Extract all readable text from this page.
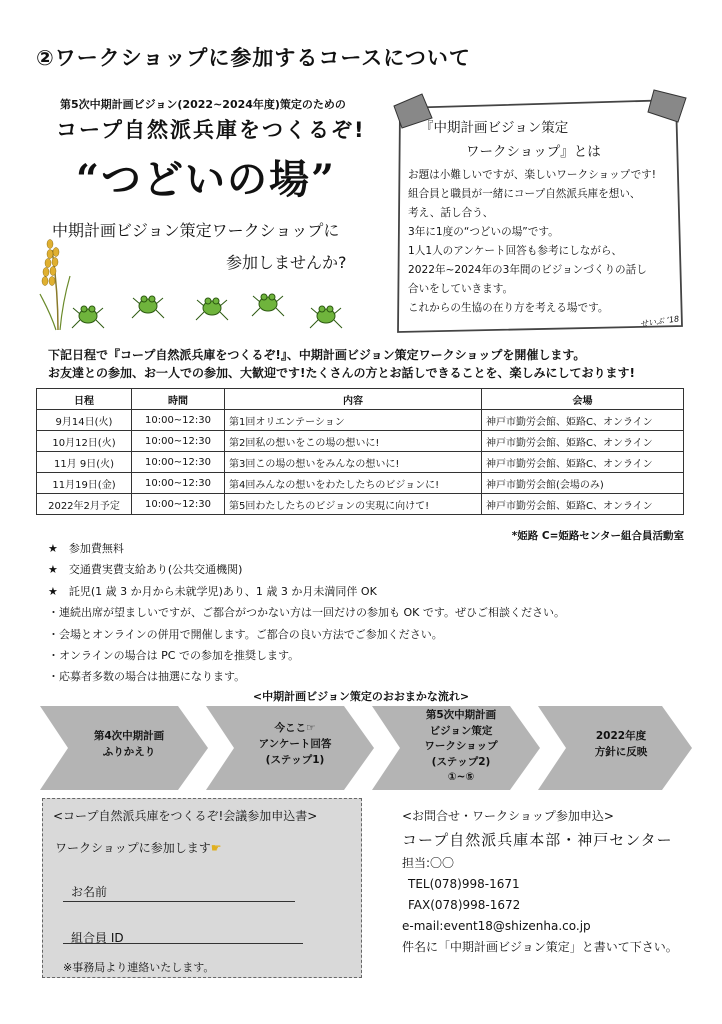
②ワークショップに参加するコースについて
第5次中期計画ビジョン(2022~2024年度)策定のための
コープ自然派兵庫をつくるぞ!
“つどいの場”
中期計画ビジョン策定ワークショップに
参加しませんか?
『中期計画ビジョン策定
ワークショップ』とは
お題は小難しいですが、楽しいワークショップです!
組合員と職員が一緒にコープ自然派兵庫を想い、
考え、話し合う、
3年に1度の“つどいの場”です。
1人1人のアンケート回答も参考にしながら、
2022年~2024年の3年間のビジョンづくりの話し
合いをしていきます。
これからの生協の在り方を考える場です。
せいぶ ’18
下記日程で『コープ自然派兵庫をつくるぞ!』、中期計画ビジョン策定ワークショップを開催します。
お友達との参加、お一人での参加、大歓迎です!たくさんの方とお話しできることを、楽しみにしております!
日程	時間	内容	会場
9月14日(火)	10:00~12:30	第1回オリエンテーション	神戸市勤労会館、姫路C、オンライン
10月12日(火)	10:00~12:30	第2回私の想いをこの場の想いに!	神戸市勤労会館、姫路C、オンライン
11月 9日(火)	10:00~12:30	第3回この場の想いをみんなの想いに!	神戸市勤労会館、姫路C、オンライン
11月19日(金)	10:00~12:30	第4回みんなの想いをわたしたちのビジョンに!	神戸市勤労会館(会場のみ)
2022年2月予定	10:00~12:30	第5回わたしたちのビジョンの実現に向けて!	神戸市勤労会館、姫路C、オンライン
*姫路 C=姫路センター組合員活動室
★　参加費無料
★　交通費実費支給あり(公共交通機関)
★　託児(1 歳 3 か月から未就学児)あり、1 歳 3 か月未満同伴 OK
・連続出席が望ましいですが、ご都合がつかない方は一回だけの参加も OK です。ぜひご相談ください。
・会場とオンラインの併用で開催します。ご都合の良い方法でご参加ください。
・オンラインの場合は PC での参加を推奨します。
・応募者多数の場合は抽選になります。
<中期計画ビジョン策定のおおまかな流れ>
第4次中期計画
ふりかえり
今ここ☞
アンケート回答
(ステップ1)
第5次中期計画
ビジョン策定
ワークショップ
(ステップ2)
①~⑤
2022年度
方針に反映
<コープ自然派兵庫をつくるぞ!会議参加申込書>
ワークショップに参加します☛
お名前
組合員 ID
※事務局より連絡いたします。
<お問合せ・ワークショップ参加申込>
コープ自然派兵庫本部・神戸センター
担当:〇〇
TEL(078)998-1671
FAX(078)998-1672
e-mail:event18@shizenha.co.jp
件名に「中期計画ビジョン策定」と書いて下さい。
